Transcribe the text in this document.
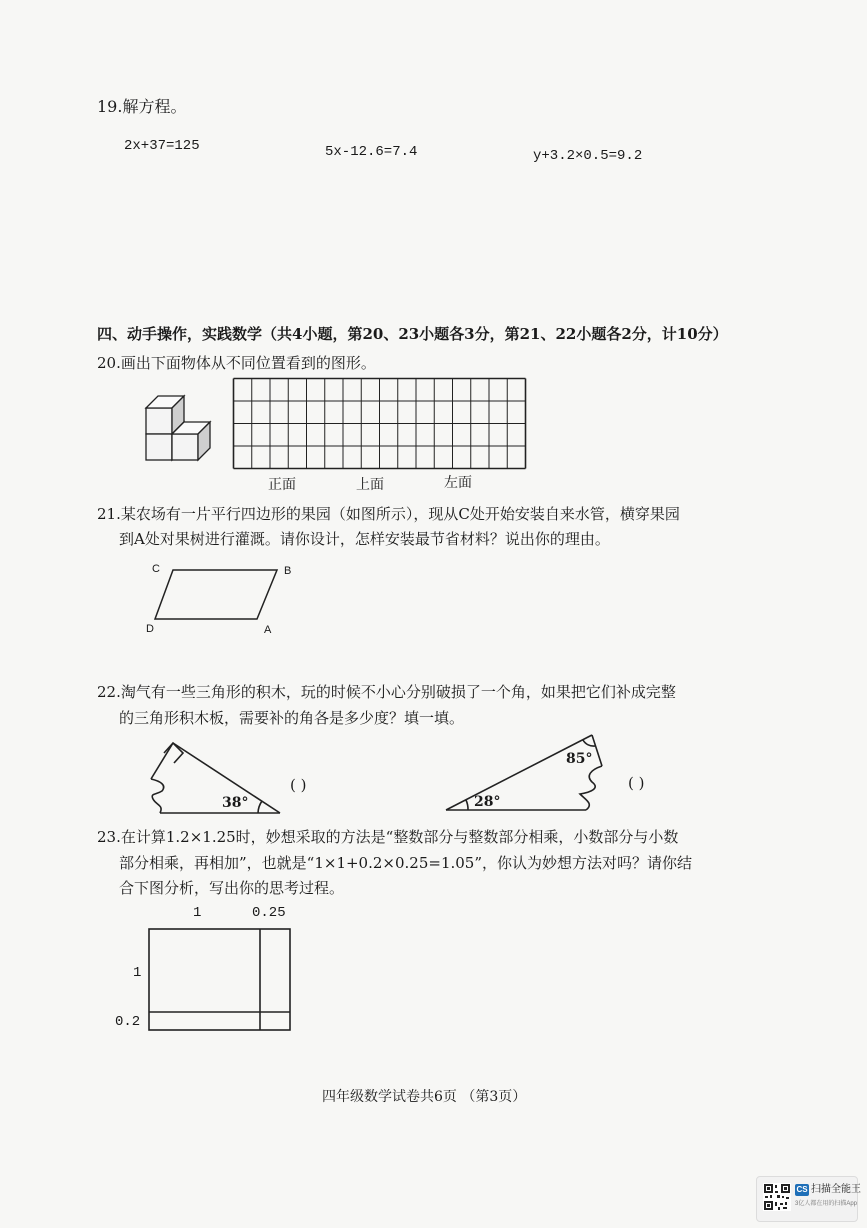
19.解方程。
2x+37=125	5x-12.6=7.4	y+3.2×0.5=9.2
四、动手操作，实践数学（共4小题，第20、23小题各3分，第21、22小题各2分，计10分）
20.画出下面物体从不同位置看到的图形。
正面	上面	左面
21.某农场有一片平行四边形的果园（如图所示），现从C处开始安装自来水管，横穿果园
到A处对果树进行灌溉。请你设计，怎样安装最节省材料？说出你的理由。
C	B
D	A
22.淘气有一些三角形的积木，玩的时候不小心分别破损了一个角，如果把它们补成完整
的三角形积木板，需要补的角各是多少度？填一填。
38°
( )
85°
28°
( )
23.在计算1.2×1.25时，妙想采取的方法是“整数部分与整数部分相乘，小数部分与小数
部分相乘，再相加”，也就是“1×1+0.2×0.25=1.05”，你认为妙想方法对吗？请你结
合下图分析，写出你的思考过程。
1	0.25
1
0.2
四年级数学试卷共6页 （第3页）
CS 扫描全能王
3亿人都在用的扫描App
